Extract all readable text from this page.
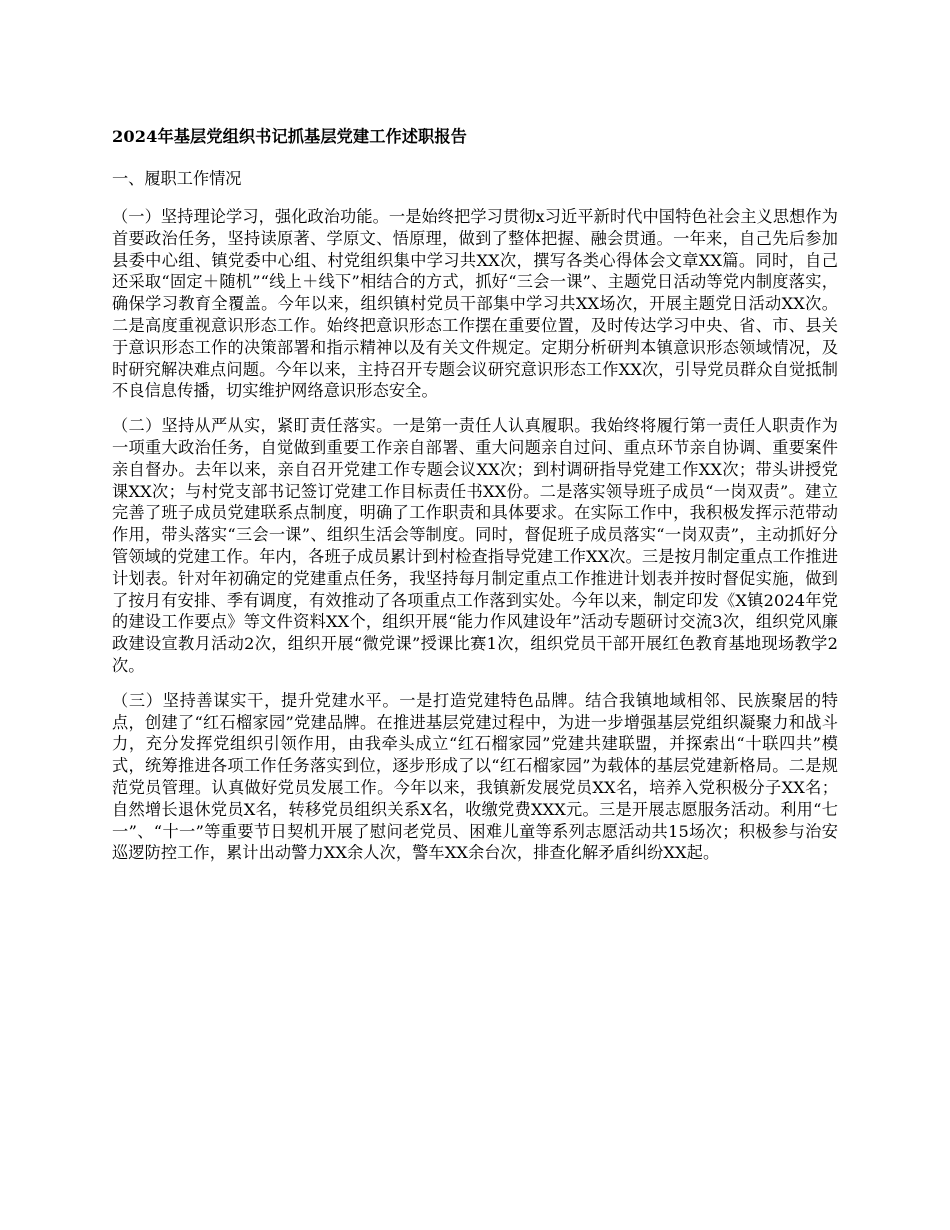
2024年基层党组织书记抓基层党建工作述职报告
一、履职工作情况

（一）坚持理论学习，强化政治功能。一是始终把学习贯彻x习近平新时代中国特色社会主义思想作为首要政治任务，坚持读原著、学原文、悟原理，做到了整体把握、融会贯通。一年来，自己先后参加县委中心组、镇党委中心组、村党组织集中学习共XX次，撰写各类心得体会文章XX篇。同时，自己还采取“固定＋随机”“线上＋线下”相结合的方式，抓好“三会一课”、主题党日活动等党内制度落实，确保学习教育全覆盖。今年以来，组织镇村党员干部集中学习共XX场次，开展主题党日活动XX次。二是高度重视意识形态工作。始终把意识形态工作摆在重要位置，及时传达学习中央、省、市、县关于意识形态工作的决策部署和指示精神以及有关文件规定。定期分析研判本镇意识形态领域情况，及时研究解决难点问题。今年以来，主持召开专题会议研究意识形态工作XX次，引导党员群众自觉抵制不良信息传播，切实维护网络意识形态安全。

（二）坚持从严从实，紧盯责任落实。一是第一责任人认真履职。我始终将履行第一责任人职责作为一项重大政治任务，自觉做到重要工作亲自部署、重大问题亲自过问、重点环节亲自协调、重要案件亲自督办。去年以来，亲自召开党建工作专题会议XX次；到村调研指导党建工作XX次；带头讲授党课XX次；与村党支部书记签订党建工作目标责任书XX份。二是落实领导班子成员“一岗双责”。建立完善了班子成员党建联系点制度，明确了工作职责和具体要求。在实际工作中，我积极发挥示范带动作用，带头落实“三会一课”、组织生活会等制度。同时，督促班子成员落实“一岗双责”，主动抓好分管领域的党建工作。年内，各班子成员累计到村检查指导党建工作XX次。三是按月制定重点工作推进计划表。针对年初确定的党建重点任务，我坚持每月制定重点工作推进计划表并按时督促实施，做到了按月有安排、季有调度，有效推动了各项重点工作落到实处。今年以来，制定印发《X镇2024年党的建设工作要点》等文件资料XX个，组织开展“能力作风建设年”活动专题研讨交流3次，组织党风廉政建设宣教月活动2次，组织开展“微党课”授课比赛1次，组织党员干部开展红色教育基地现场教学2次。

（三）坚持善谋实干，提升党建水平。一是打造党建特色品牌。结合我镇地域相邻、民族聚居的特点，创建了“红石榴家园”党建品牌。在推进基层党建过程中，为进一步增强基层党组织凝聚力和战斗力，充分发挥党组织引领作用，由我牵头成立“红石榴家园”党建共建联盟，并探索出“十联四共”模式，统筹推进各项工作任务落实到位，逐步形成了以“红石榴家园”为载体的基层党建新格局。二是规范党员管理。认真做好党员发展工作。今年以来，我镇新发展党员XX名，培养入党积极分子XX名；自然增长退休党员X名，转移党员组织关系X名，收缴党费XXX元。三是开展志愿服务活动。利用“七一”、“十一”等重要节日契机开展了慰问老党员、困难儿童等系列志愿活动共15场次；积极参与治安巡逻防控工作，累计出动警力XX余人次，警车XX余台次，排查化解矛盾纠纷XX起。
